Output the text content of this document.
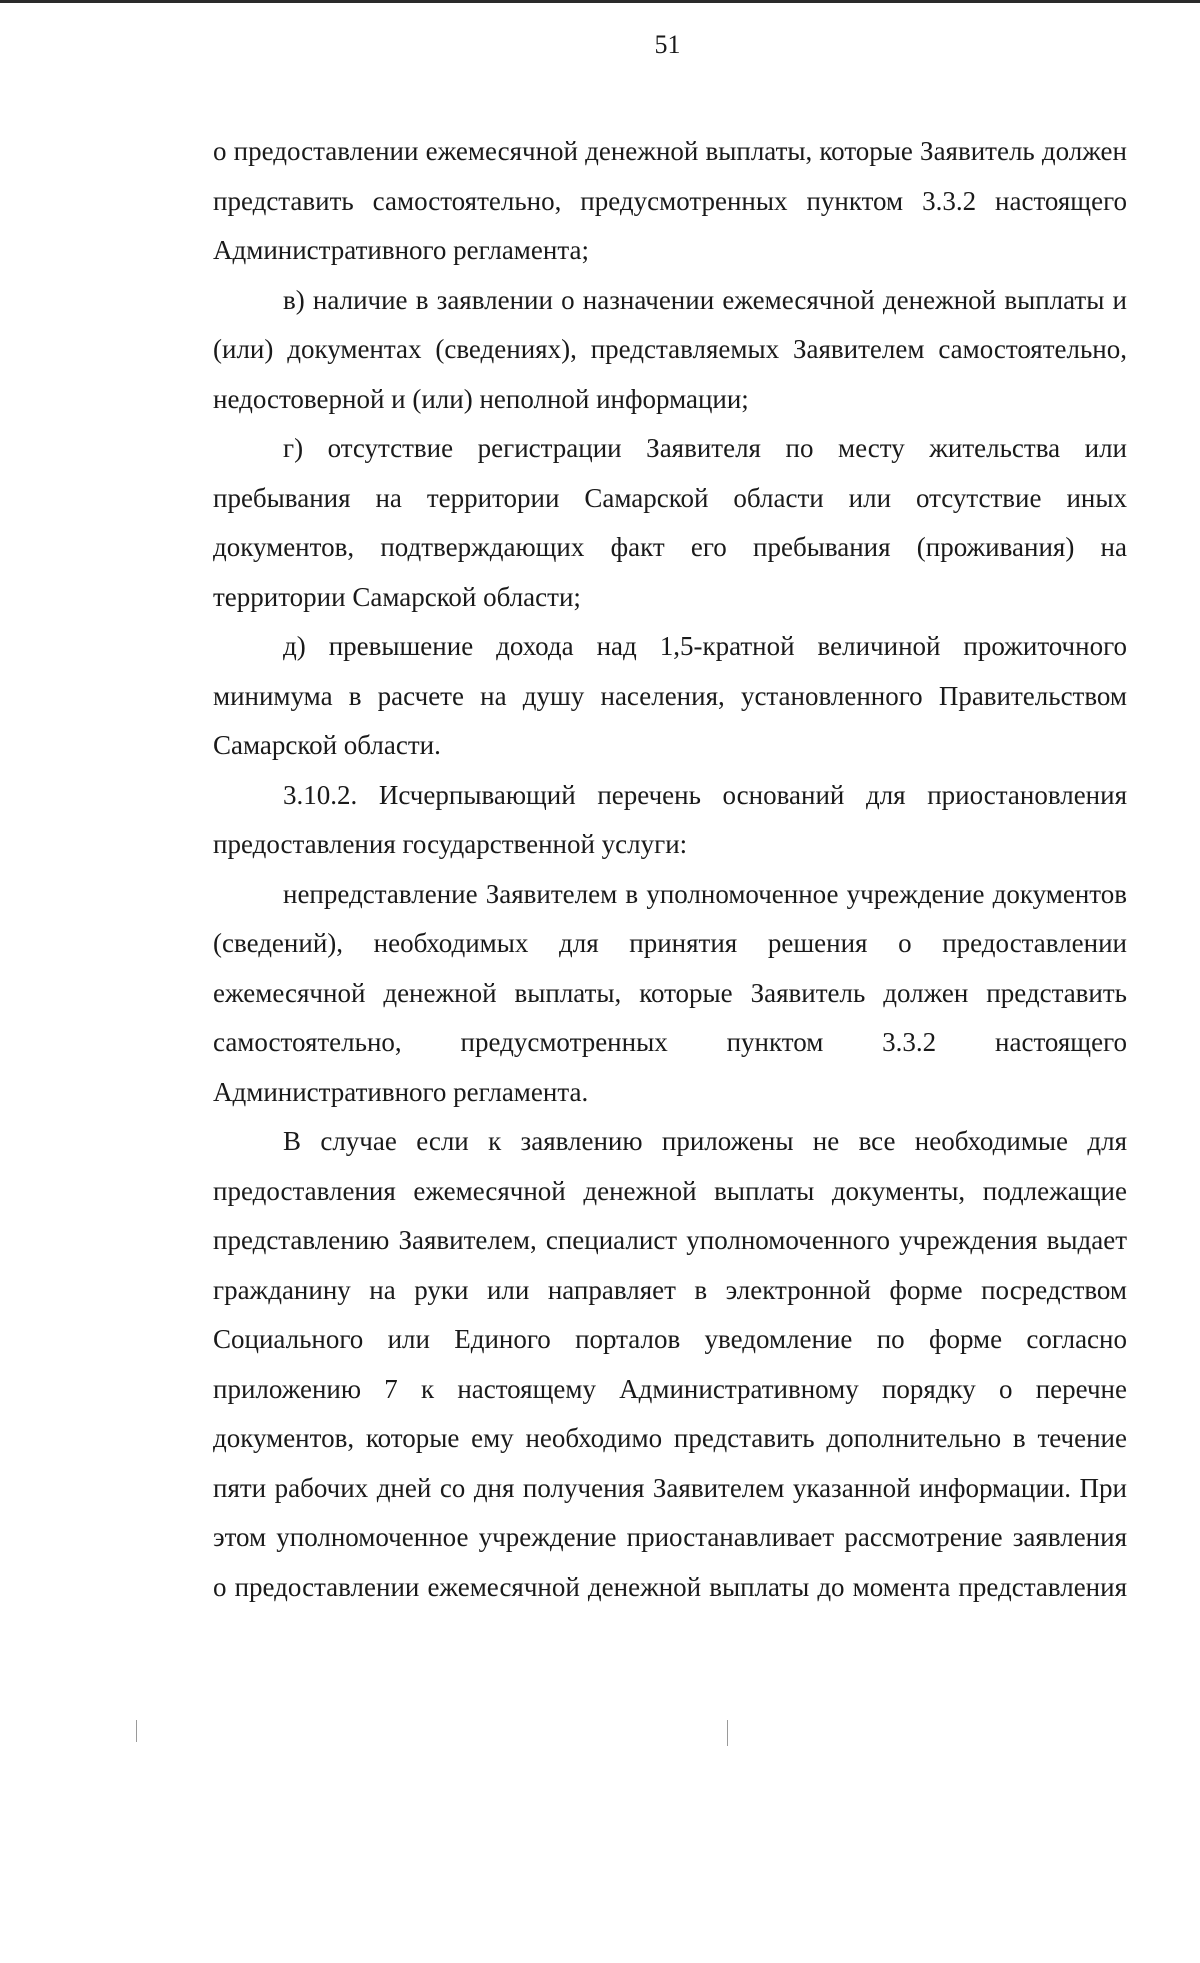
51

о предоставлении ежемесячной денежной выплаты, которые Заявитель должен представить самостоятельно, предусмотренных пунктом 3.3.2 настоящего Административного регламента;

в) наличие в заявлении о назначении ежемесячной денежной выплаты и (или) документах (сведениях), представляемых Заявителем самостоятельно, недостоверной и (или) неполной информации;

г) отсутствие регистрации Заявителя по месту жительства или пребывания на территории Самарской области или отсутствие иных документов, подтверждающих факт его пребывания (проживания) на территории Самарской области;

д) превышение дохода над 1,5-кратной величиной прожиточного минимума в расчете на душу населения, установленного Правительством Самарской области.

3.10.2. Исчерпывающий перечень оснований для приостановления предоставления государственной услуги:

непредставление Заявителем в уполномоченное учреждение документов (сведений), необходимых для принятия решения о предоставлении ежемесячной денежной выплаты, которые Заявитель должен представить самостоятельно, предусмотренных пунктом 3.3.2 настоящего Административного регламента.

В случае если к заявлению приложены не все необходимые для предоставления ежемесячной денежной выплаты документы, подлежащие представлению Заявителем, специалист уполномоченного учреждения выдает гражданину на руки или направляет в электронной форме посредством Социального или Единого порталов уведомление по форме согласно приложению 7 к настоящему Административному порядку о перечне документов, которые ему необходимо представить дополнительно в течение пяти рабочих дней со дня получения Заявителем указанной информации. При этом уполномоченное учреждение приостанавливает рассмотрение заявления о предоставлении ежемесячной денежной выплаты до момента представления
